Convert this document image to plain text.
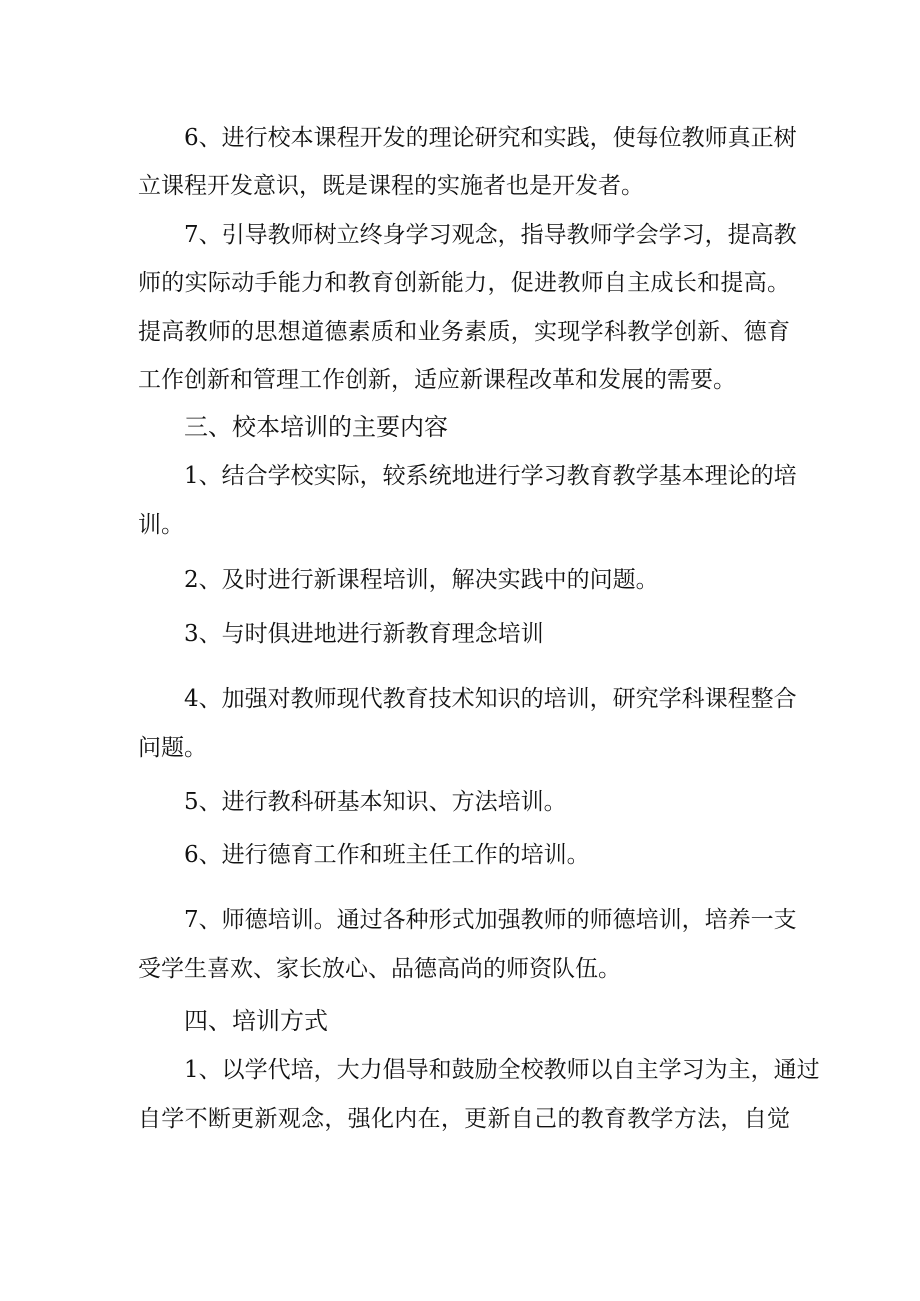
6、进行校本课程开发的理论研究和实践，使每位教师真正树
立课程开发意识，既是课程的实施者也是开发者。
7、引导教师树立终身学习观念，指导教师学会学习，提高教
师的实际动手能力和教育创新能力，促进教师自主成长和提高。
提高教师的思想道德素质和业务素质，实现学科教学创新、德育
工作创新和管理工作创新，适应新课程改革和发展的需要。
三、校本培训的主要内容
1、结合学校实际，较系统地进行学习教育教学基本理论的培
训。
2、及时进行新课程培训，解决实践中的问题。
3、与时俱进地进行新教育理念培训
4、加强对教师现代教育技术知识的培训，研究学科课程整合
问题。
5、进行教科研基本知识、方法培训。
6、进行德育工作和班主任工作的培训。
7、师德培训。通过各种形式加强教师的师德培训，培养一支
受学生喜欢、家长放心、品德高尚的师资队伍。
四、培训方式
1、以学代培，大力倡导和鼓励全校教师以自主学习为主，通过
自学不断更新观念，强化内在，更新自己的教育教学方法，自觉
